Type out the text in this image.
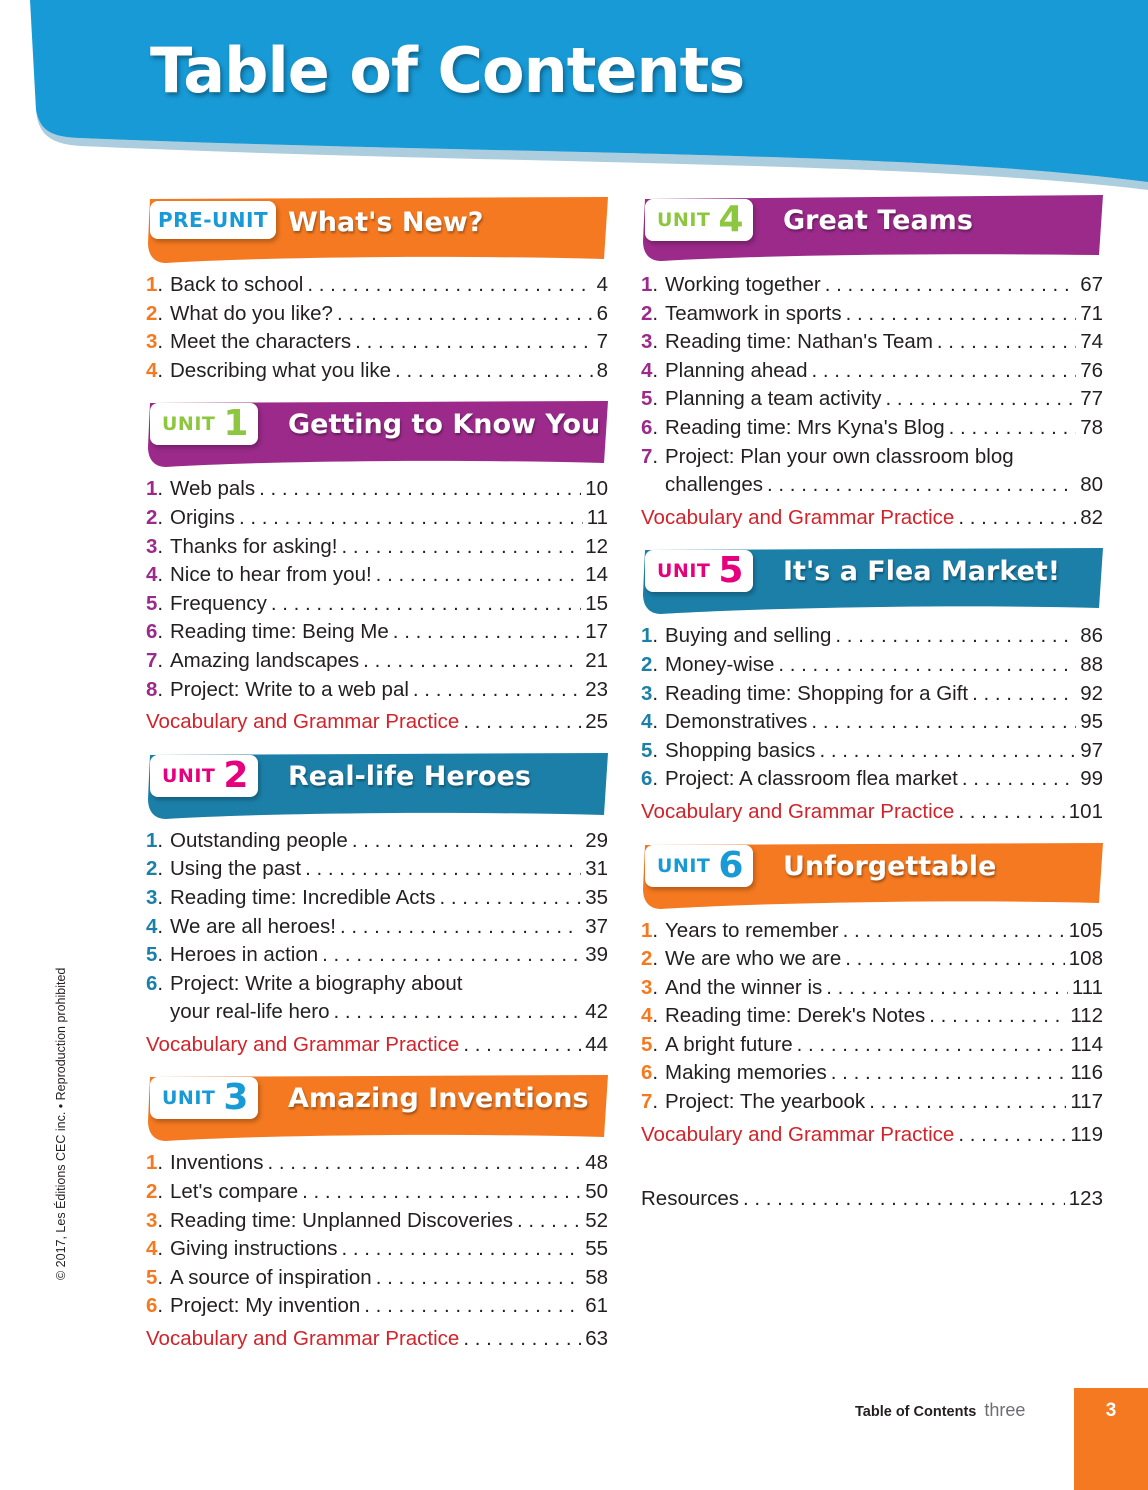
Table of Contents
PRE-UNIT What's New?
1. Back to school . . .	4
2. What do you like? . . .	6
3. Meet the characters . . .	7
4. Describing what you like . . .	8
UNIT 1 Getting to Know You
1. Web pals . . .	10
2. Origins . . .	11
3. Thanks for asking! . . .	12
4. Nice to hear from you! . . .	14
5. Frequency . . .	15
6. Reading time: Being Me . . .	17
7. Amazing landscapes . . .	21
8. Project: Write to a web pal . . .	23
Vocabulary and Grammar Practice . . .	25
UNIT 2 Real-life Heroes
1. Outstanding people . . .	29
2. Using the past . . .	31
3. Reading time: Incredible Acts . . .	35
4. We are all heroes! . . .	37
5. Heroes in action . . .	39
6. Project: Write a biography about
your real-life hero . . .	42
Vocabulary and Grammar Practice . . .	44
UNIT 3 Amazing Inventions
1. Inventions . . .	48
2. Let's compare . . .	50
3. Reading time: Unplanned Discoveries . . .	52
4. Giving instructions . . .	55
5. A source of inspiration . . .	58
6. Project: My invention . . .	61
Vocabulary and Grammar Practice . . .	63
UNIT 4 Great Teams
1. Working together . . .	67
2. Teamwork in sports . . .	71
3. Reading time: Nathan's Team . . .	74
4. Planning ahead . . .	76
5. Planning a team activity . . .	77
6. Reading time: Mrs Kyna's Blog . . .	78
7. Project: Plan your own classroom blog
challenges . . .	80
Vocabulary and Grammar Practice . . .	82
UNIT 5 It's a Flea Market!
1. Buying and selling . . .	86
2. Money-wise . . .	88
3. Reading time: Shopping for a Gift . . .	92
4. Demonstratives . . .	95
5. Shopping basics . . .	97
6. Project: A classroom flea market . . .	99
Vocabulary and Grammar Practice . . .	101
UNIT 6 Unforgettable
1. Years to remember . . .	105
2. We are who we are . . .	108
3. And the winner is . . .	111
4. Reading time: Derek's Notes . . .	112
5. A bright future . . .	114
6. Making memories . . .	116
7. Project: The yearbook . . .	117
Vocabulary and Grammar Practice . . .	119
Resources . . .	123
© 2017, Les Éditions CEC inc. • Reproduction prohibited
Table of Contents three	3
